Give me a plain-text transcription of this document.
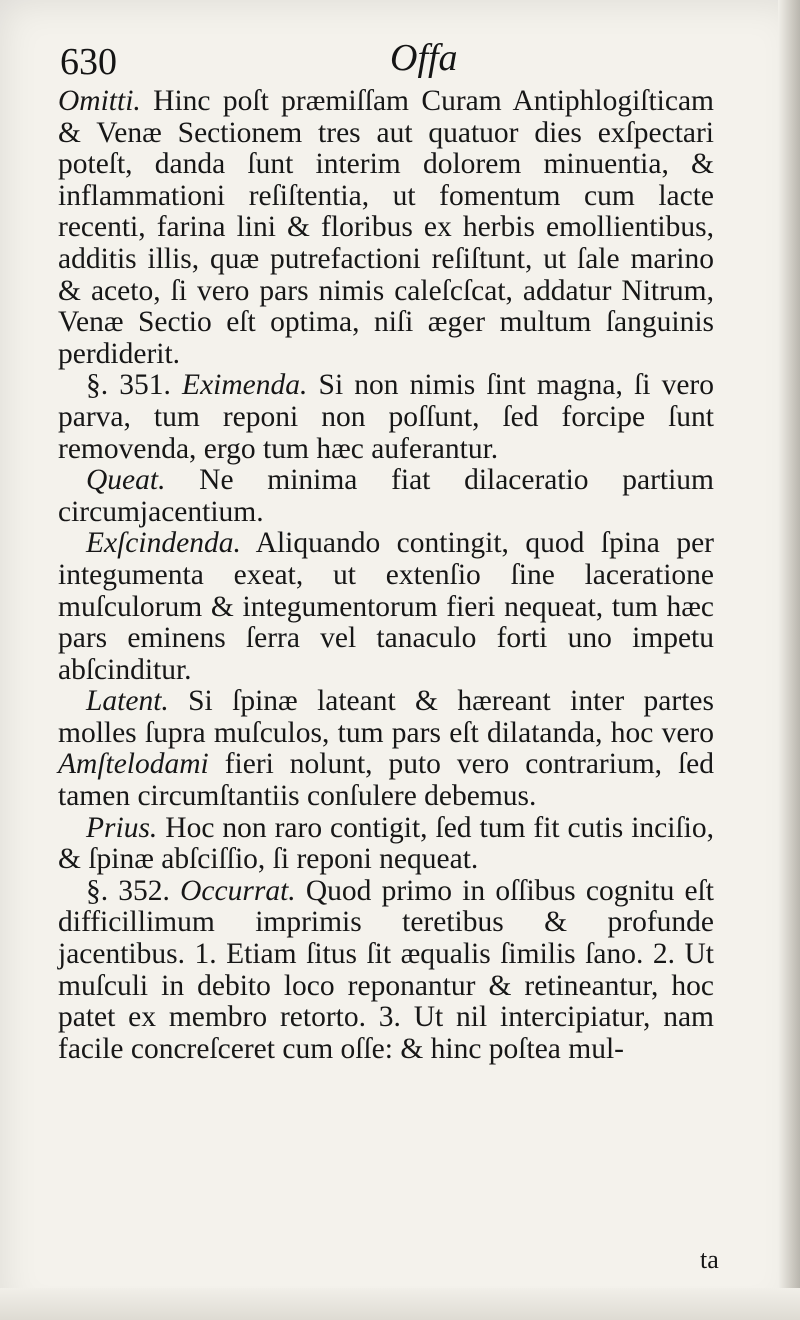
630	Offa

Omitti. Hinc poſt præmiſſam Curam Antiphlogiſticam & Venæ Sectionem tres aut quatuor dies exſpectari poteſt, danda ſunt interim dolorem minuentia, & inflammationi reſiſtentia, ut fomentum cum lacte recenti, farina lini & floribus ex herbis emollientibus, additis illis, quæ putrefactioni reſiſtunt, ut ſale marino & aceto, ſi vero pars nimis caleſcſcat, addatur Nitrum, Venæ Sectio eſt optima, niſi æger multum ſanguinis perdiderit.

§. 351. Eximenda. Si non nimis ſint magna, ſi vero parva, tum reponi non poſſunt, ſed forcipe ſunt removenda, ergo tum hæc auferantur.

Queat. Ne minima fiat dilaceratio partium circumjacentium.

Exſcindenda. Aliquando contingit, quod ſpina per integumenta exeat, ut extenſio ſine laceratione muſculorum & integumentorum fieri nequeat, tum hæc pars eminens ſerra vel tanaculo forti uno impetu abſcinditur.

Latent. Si ſpinæ lateant & hæreant inter partes molles ſupra muſculos, tum pars eſt dilatanda, hoc vero Amſtelodami fieri nolunt, puto vero contrarium, ſed tamen circumſtantiis conſulere debemus.

Prius. Hoc non raro contigit, ſed tum fit cutis inciſio, & ſpinæ abſciſſio, ſi reponi nequeat.

§. 352. Occurrat. Quod primo in oſſibus cognitu eſt difficillimum imprimis teretibus & profunde jacentibus. 1. Etiam ſitus ſit æqualis ſimilis ſano. 2. Ut muſculi in debito loco reponantur & retineantur, hoc patet ex membro retorto. 3. Ut nil intercipiatur, nam facile concreſceret cum oſſe: & hinc poſtea mul-

ta
